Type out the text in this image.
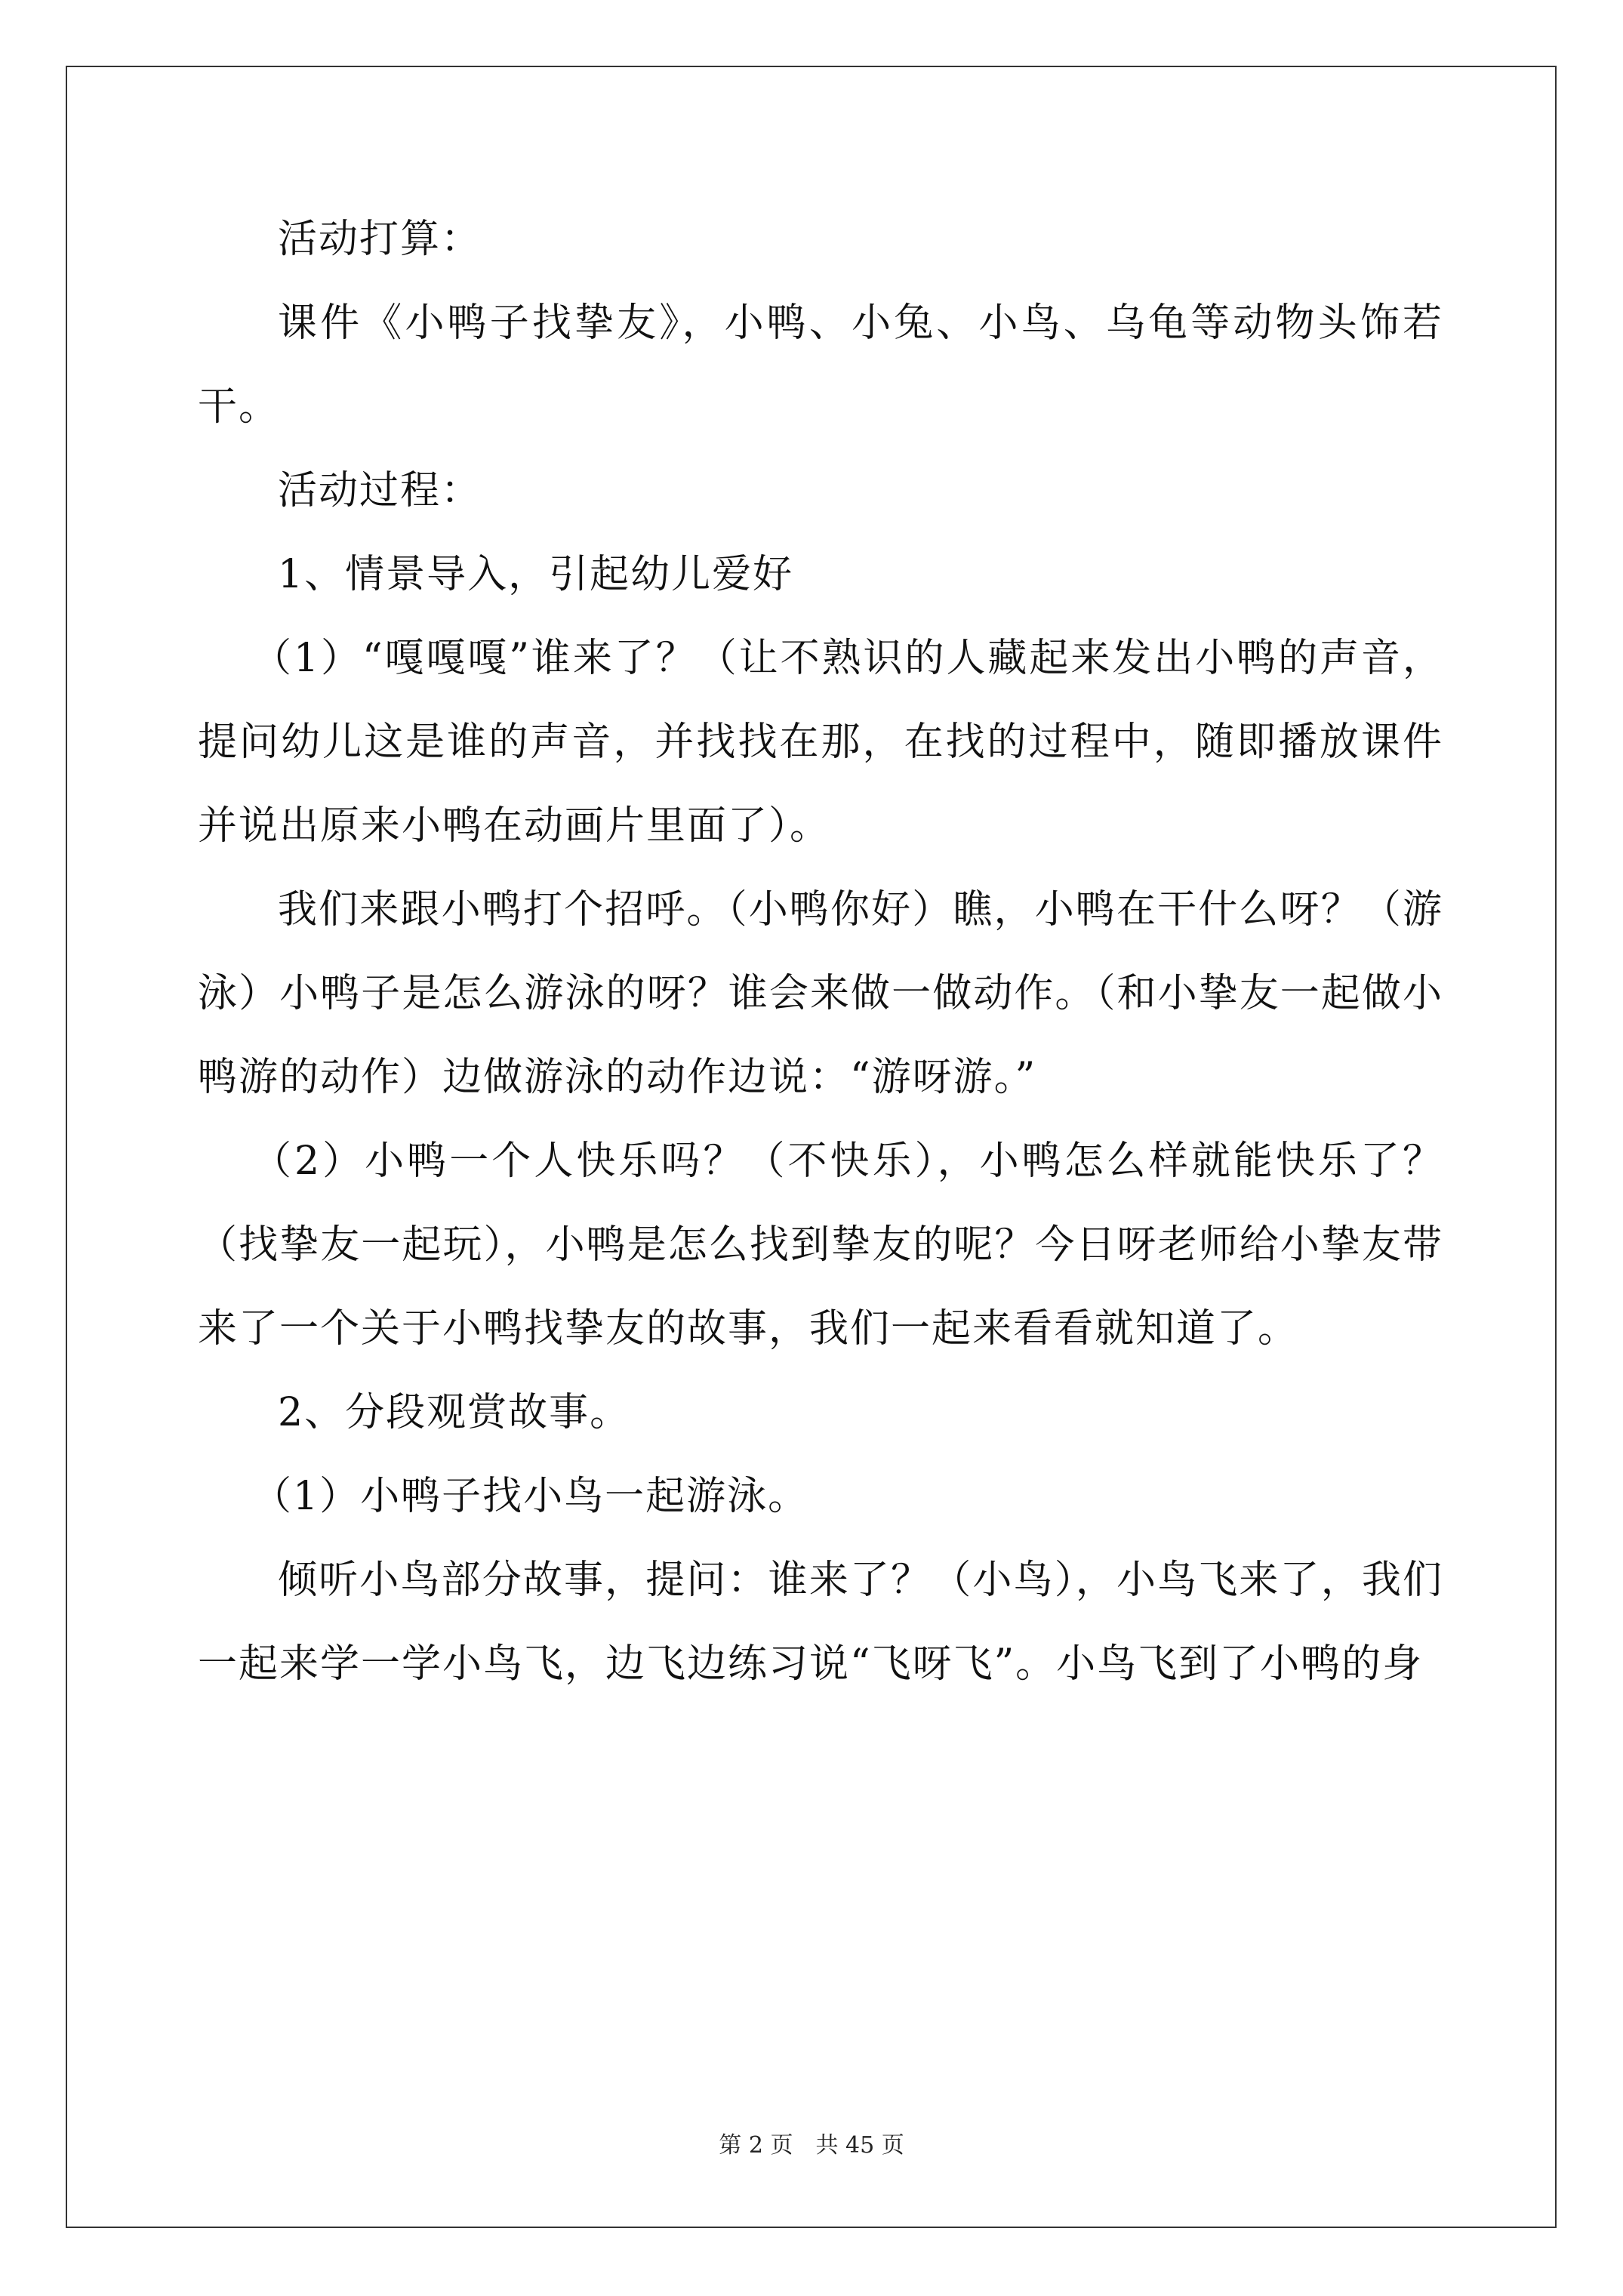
活动打算：

课件《小鸭子找挚友》，小鸭、小兔、小鸟、乌龟等动物头饰若干。

活动过程：

1、情景导入，引起幼儿爱好

（1）“嘎嘎嘎”谁来了？（让不熟识的人藏起来发出小鸭的声音，提问幼儿这是谁的声音，并找找在那，在找的过程中，随即播放课件并说出原来小鸭在动画片里面了）。

我们来跟小鸭打个招呼。（小鸭你好）瞧，小鸭在干什么呀？（游泳）小鸭子是怎么游泳的呀？谁会来做一做动作。（和小挚友一起做小鸭游的动作）边做游泳的动作边说：“游呀游。”

（2）小鸭一个人快乐吗？（不快乐），小鸭怎么样就能快乐了？（找挚友一起玩），小鸭是怎么找到挚友的呢？今日呀老师给小挚友带来了一个关于小鸭找挚友的故事，我们一起来看看就知道了。

2、分段观赏故事。

（1）小鸭子找小鸟一起游泳。

倾听小鸟部分故事，提问：谁来了？（小鸟），小鸟飞来了，我们一起来学一学小鸟飞，边飞边练习说“飞呀飞”。小鸟飞到了小鸭的身

第 2 页　共 45 页
